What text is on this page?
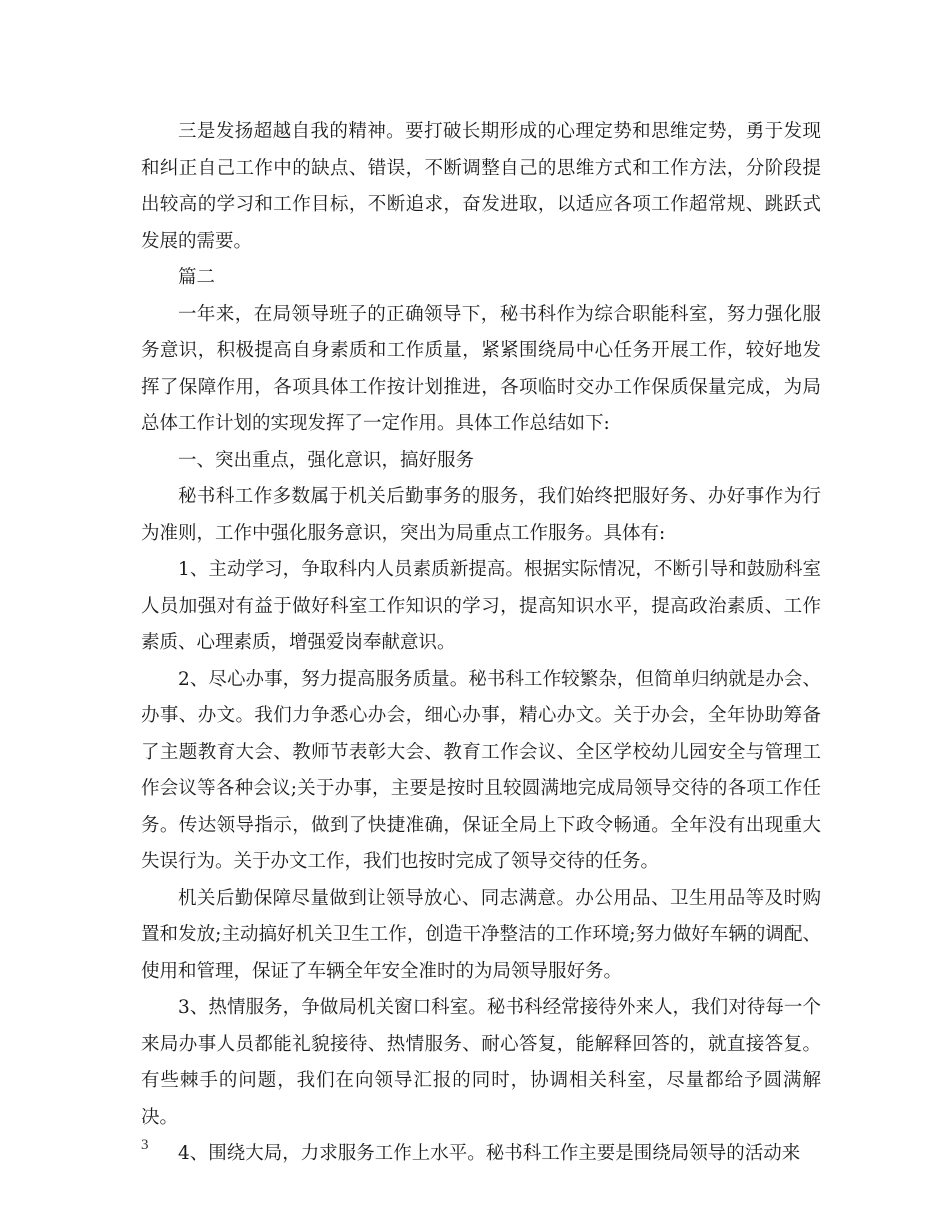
三是发扬超越自我的精神。要打破长期形成的心理定势和思维定势，勇于发现和纠正自己工作中的缺点、错误，不断调整自己的思维方式和工作方法，分阶段提出较高的学习和工作目标，不断追求，奋发进取，以适应各项工作超常规、跳跃式发展的需要。

篇二

一年来，在局领导班子的正确领导下，秘书科作为综合职能科室，努力强化服务意识，积极提高自身素质和工作质量，紧紧围绕局中心任务开展工作，较好地发挥了保障作用，各项具体工作按计划推进，各项临时交办工作保质保量完成，为局总体工作计划的实现发挥了一定作用。具体工作总结如下:

一、突出重点，强化意识，搞好服务

秘书科工作多数属于机关后勤事务的服务，我们始终把服好务、办好事作为行为准则，工作中强化服务意识，突出为局重点工作服务。具体有:

1、主动学习，争取科内人员素质新提高。根据实际情况，不断引导和鼓励科室人员加强对有益于做好科室工作知识的学习，提高知识水平，提高政治素质、工作素质、心理素质，增强爱岗奉献意识。

2、尽心办事，努力提高服务质量。秘书科工作较繁杂，但简单归纳就是办会、办事、办文。我们力争悉心办会，细心办事，精心办文。关于办会，全年协助筹备了主题教育大会、教师节表彰大会、教育工作会议、全区学校幼儿园安全与管理工作会议等各种会议;关于办事，主要是按时且较圆满地完成局领导交待的各项工作任务。传达领导指示，做到了快捷准确，保证全局上下政令畅通。全年没有出现重大失误行为。关于办文工作，我们也按时完成了领导交待的任务。

机关后勤保障尽量做到让领导放心、同志满意。办公用品、卫生用品等及时购置和发放;主动搞好机关卫生工作，创造干净整洁的工作环境;努力做好车辆的调配、使用和管理，保证了车辆全年安全准时的为局领导服好务。

3、热情服务，争做局机关窗口科室。秘书科经常接待外来人，我们对待每一个来局办事人员都能礼貌接待、热情服务、耐心答复，能解释回答的，就直接答复。有些棘手的问题，我们在向领导汇报的同时，协调相关科室，尽量都给予圆满解决。

4、围绕大局，力求服务工作上水平。秘书科工作主要是围绕局领导的活动来

3
